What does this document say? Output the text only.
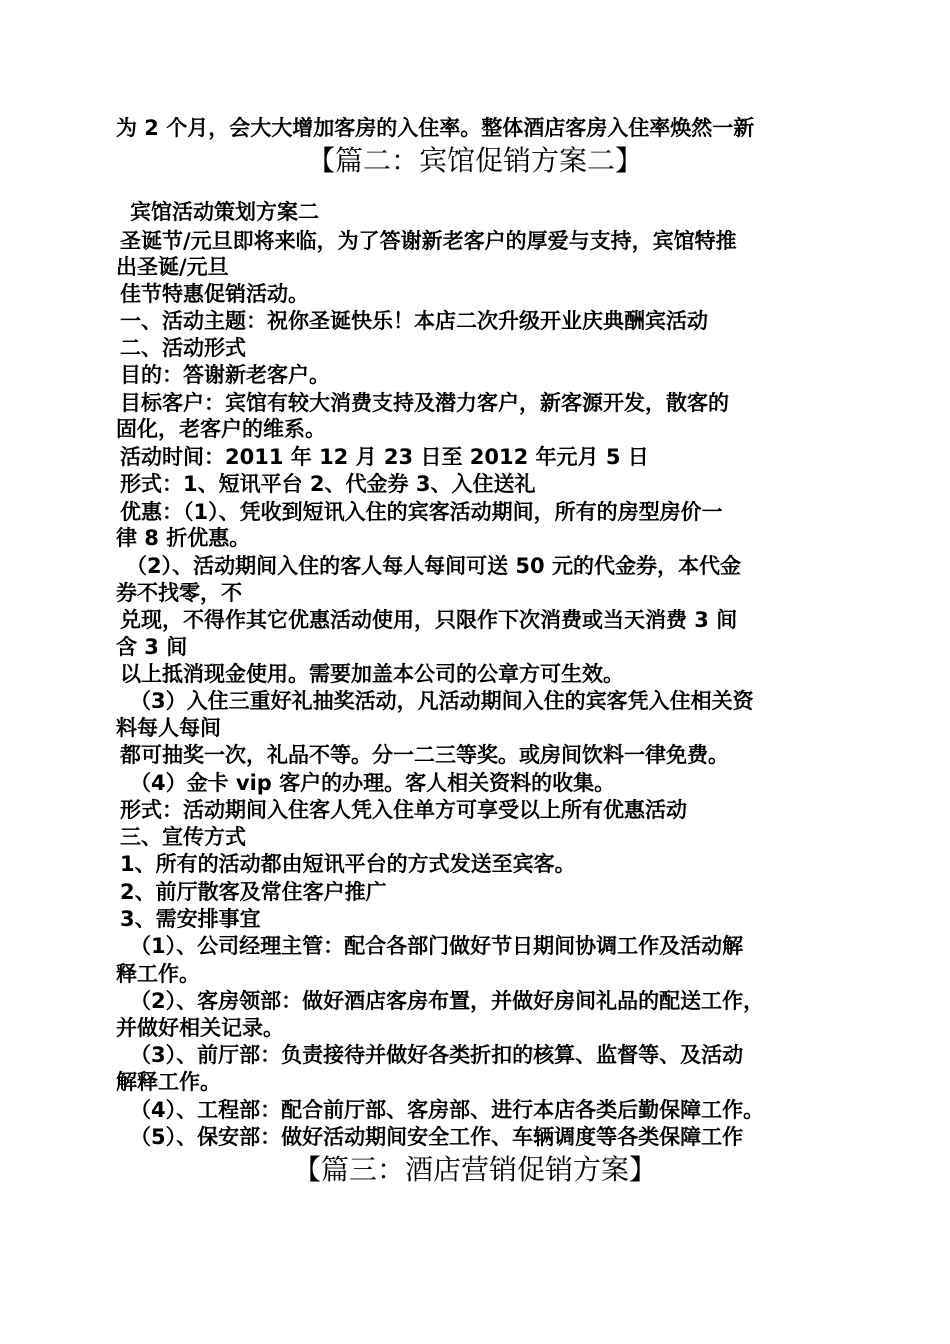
为 2 个月，会大大增加客房的入住率。整体酒店客房入住率焕然一新
【篇二：宾馆促销方案二】
宾馆活动策划方案二
圣诞节/元旦即将来临，为了答谢新老客户的厚爱与支持，宾馆特推
出圣诞/元旦
佳节特惠促销活动。
一、活动主题：祝你圣诞快乐！本店二次升级开业庆典酬宾活动
二、活动形式
目的：答谢新老客户。
目标客户：宾馆有较大消费支持及潜力客户，新客源开发，散客的
固化，老客户的维系。
活动时间：2011 年 12 月 23 日至 2012 年元月 5 日
形式：1、短讯平台 2、代金券 3、入住送礼
优惠：（1）、凭收到短讯入住的宾客活动期间，所有的房型房价一
律 8 折优惠。
（2）、活动期间入住的客人每人每间可送 50 元的代金券，本代金
券不找零，不
兑现，不得作其它优惠活动使用，只限作下次消费或当天消费 3 间
含 3 间
以上抵消现金使用。需要加盖本公司的公章方可生效。
（3）入住三重好礼抽奖活动，凡活动期间入住的宾客凭入住相关资
料每人每间
都可抽奖一次，礼品不等。分一二三等奖。或房间饮料一律免费。
（4）金卡 vip 客户的办理。客人相关资料的收集。
形式：活动期间入住客人凭入住单方可享受以上所有优惠活动
三、宣传方式
1、所有的活动都由短讯平台的方式发送至宾客。
2、前厅散客及常住客户推广
3、需安排事宜
（1）、公司经理主管：配合各部门做好节日期间协调工作及活动解
释工作。
（2）、客房领部：做好酒店客房布置，并做好房间礼品的配送工作，
并做好相关记录。
（3）、前厅部：负责接待并做好各类折扣的核算、监督等、及活动
解释工作。
（4）、工程部：配合前厅部、客房部、进行本店各类后勤保障工作。
（5）、保安部：做好活动期间安全工作、车辆调度等各类保障工作
【篇三：酒店营销促销方案】
